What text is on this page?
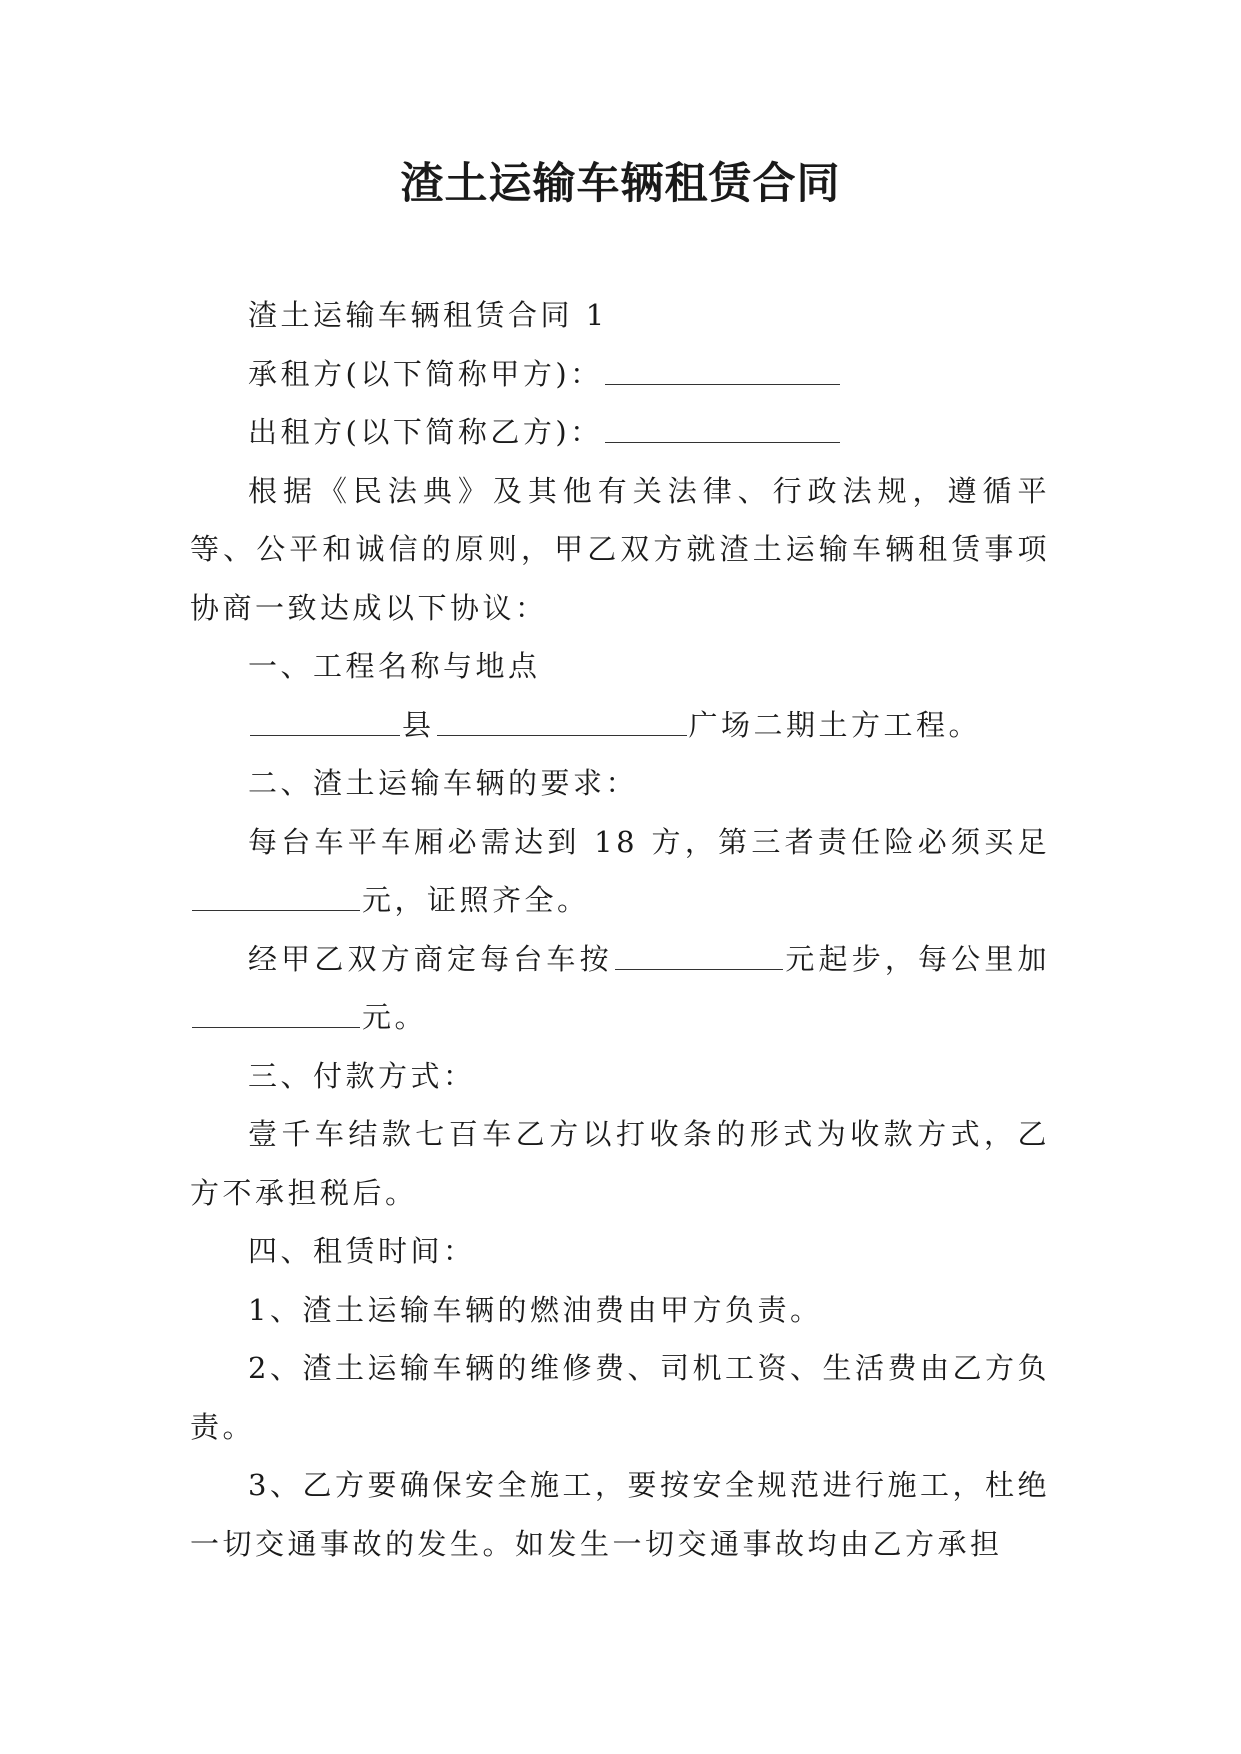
渣土运输车辆租赁合同

渣土运输车辆租赁合同 1

承租方(以下简称甲方)：

出租方(以下简称乙方)：

根据《民法典》及其他有关法律、行政法规，遵循平等、公平和诚信的原则，甲乙双方就渣土运输车辆租赁事项协商一致达成以下协议：

一、工程名称与地点

县	广场二期土方工程。

二、渣土运输车辆的要求：

每台车平车厢必需达到 18 方，第三者责任险必须买足元，证照齐全。

经甲乙双方商定每台车按	元起步，每公里加元。

三、付款方式：

壹千车结款七百车乙方以打收条的形式为收款方式，乙方不承担税后。

四、租赁时间：

1、渣土运输车辆的燃油费由甲方负责。

2、渣土运输车辆的维修费、司机工资、生活费由乙方负责。

3、乙方要确保安全施工，要按安全规范进行施工，杜绝一切交通事故的发生。如发生一切交通事故均由乙方承担
